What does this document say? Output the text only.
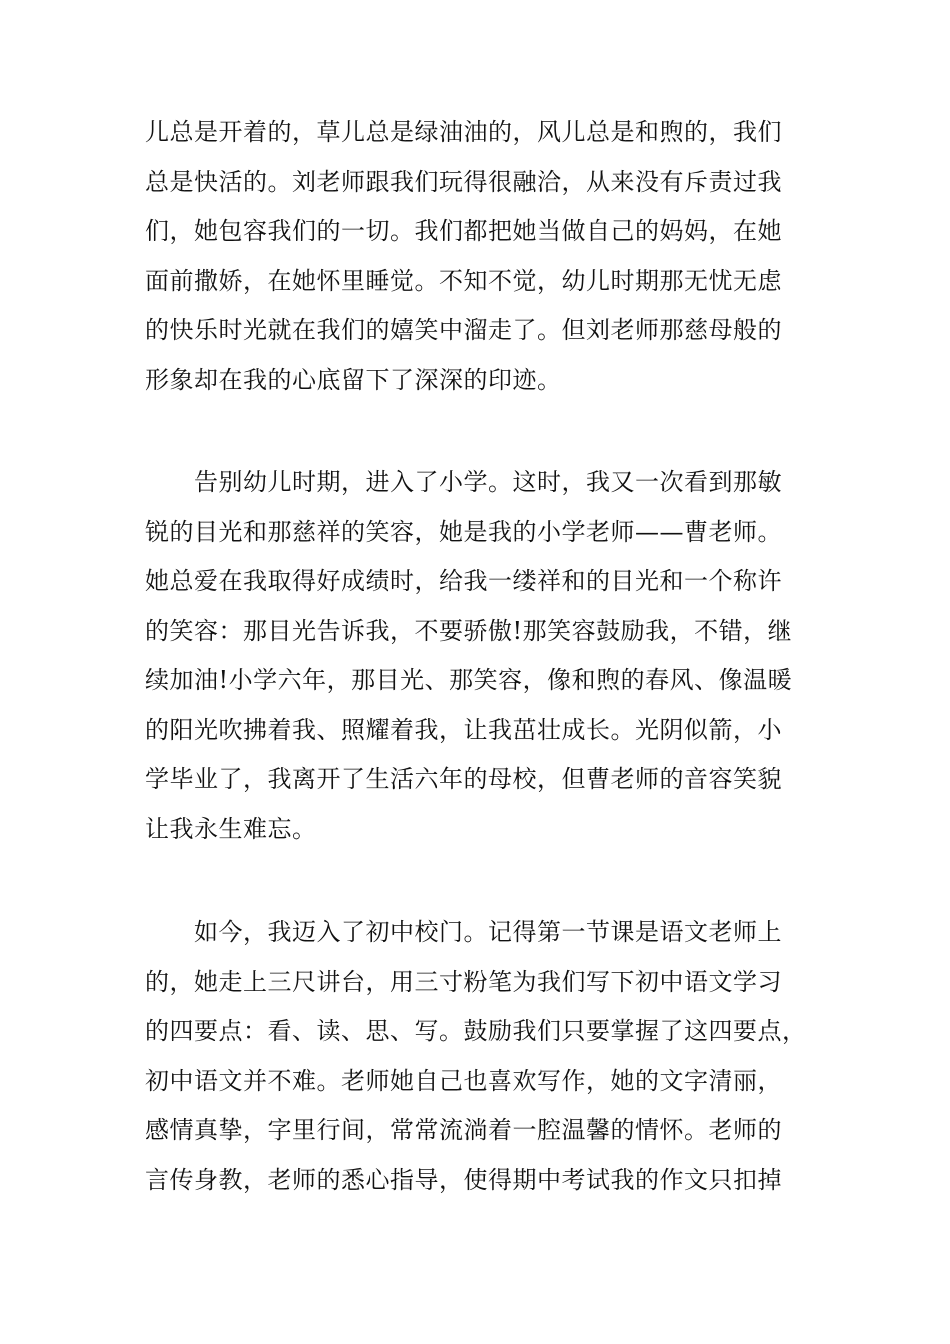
儿总是开着的，草儿总是绿油油的，风儿总是和煦的，我们
总是快活的。刘老师跟我们玩得很融洽，从来没有斥责过我
们，她包容我们的一切。我们都把她当做自己的妈妈，在她
面前撒娇，在她怀里睡觉。不知不觉，幼儿时期那无忧无虑
的快乐时光就在我们的嬉笑中溜走了。但刘老师那慈母般的
形象却在我的心底留下了深深的印迹。
　　告别幼儿时期，进入了小学。这时，我又一次看到那敏
锐的目光和那慈祥的笑容，她是我的小学老师——曹老师。
她总爱在我取得好成绩时，给我一缕祥和的目光和一个称许
的笑容：那目光告诉我，不要骄傲!那笑容鼓励我，不错，继
续加油!小学六年，那目光、那笑容，像和煦的春风、像温暖
的阳光吹拂着我、照耀着我，让我茁壮成长。光阴似箭，小
学毕业了，我离开了生活六年的母校，但曹老师的音容笑貌
让我永生难忘。
　　如今，我迈入了初中校门。记得第一节课是语文老师上
的，她走上三尺讲台，用三寸粉笔为我们写下初中语文学习
的四要点：看、读、思、写。鼓励我们只要掌握了这四要点，
初中语文并不难。老师她自己也喜欢写作，她的文字清丽，
感情真挚，字里行间，常常流淌着一腔温馨的情怀。老师的
言传身教，老师的悉心指导，使得期中考试我的作文只扣掉
